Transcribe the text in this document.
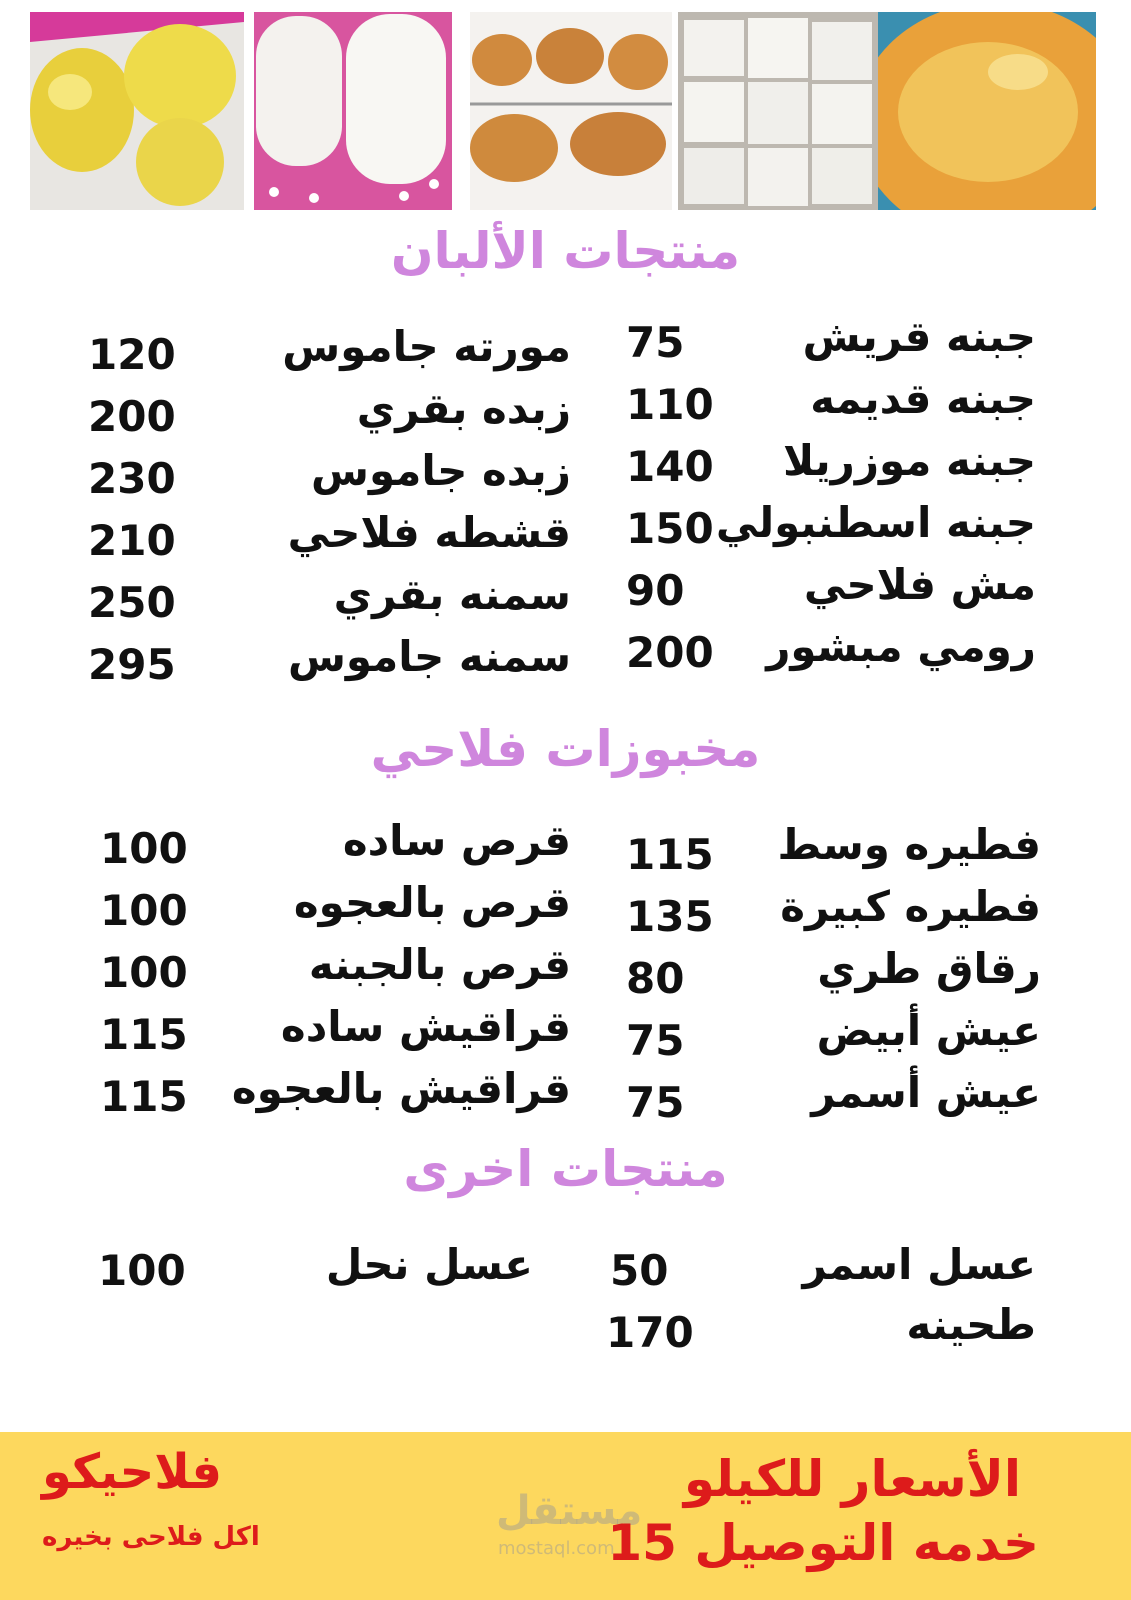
منتجات الألبان
جبنه قريش
75
جبنه قديمه
110
جبنه موزريلا
140
جبنه اسطنبولي
150
مش فلاحي
90
رومي مبشور
200
مورته جاموس
120
زبده بقري
200
زبده جاموس
230
قشطه فلاحي
210
سمنه بقري
250
سمنه جاموس
295
مخبوزات فلاحي
فطيره وسط
115
فطيره كبيرة
135
رقاق طري
80
عيش أبيض
75
عيش أسمر
75
قرص ساده
100
قرص بالعجوه
100
قرص بالجبنه
100
قراقيش ساده
115
قراقيش بالعجوه
115
منتجات اخرى
عسل اسمر
50
طحينه
170
عسل نحل
100
مستقل
mostaql.com
الأسعار للكيلو
خدمه التوصيل 15
فلاحيكو
اكل فلاحى بخيره
